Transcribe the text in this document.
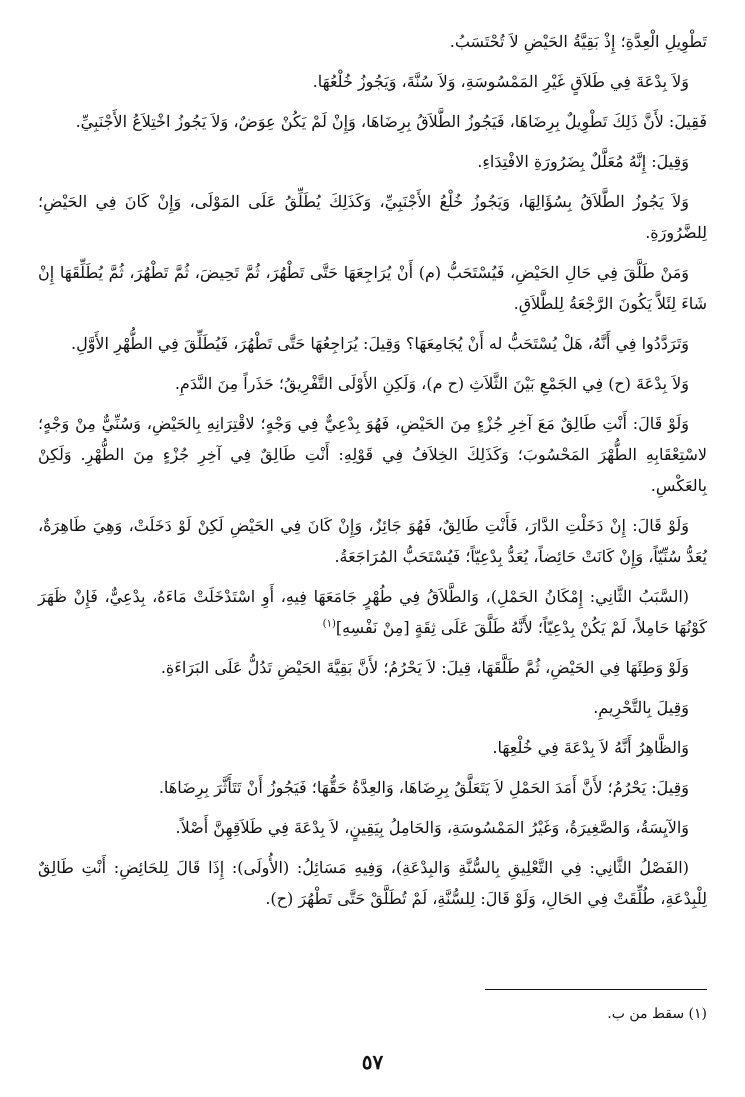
تَطْوِيلِ الْعِدَّةِ؛ إِذْ بَقِيَّةُ الحَيْضِ لاَ تُحْتَسَبُ.

وَلاَ بِدْعَةَ فِي طَلاَقٍ غَيْرِ المَمْسُوسَةِ، وَلاَ سُنَّةَ، وَيَجُوزُ خُلْعُهَا.

فَقِيلَ: لأَنَّ ذَلِكَ تَطْوِيلٌ بِرِضَاهَا، فَيَجُوزُ الطَّلاَقُ بِرِضَاهَا، وَإِنْ لَمْ يَكُنْ عِوَضٌ، وَلاَ يَجُوزُ اخْتِلاَعُ الأَجْنَبِيِّ.

وَقِيلَ: إِنَّهُ مُعَلَّلٌ بِضَرُورَةِ الافْتِدَاءِ.

وَلاَ يَجُوزُ الطَّلاَقُ بِسُؤَالِهَا، وَيَجُوزُ خُلْعُ الأَجْنَبِيِّ، وَكَذَلِكَ يُطَلِّقُ عَلَى المَوْلَى، وَإِنْ كَانَ فِي الحَيْضِ؛ لِلضَّرُورَةِ.

وَمَنْ طَلَّقَ فِي حَالِ الحَيْضِ، فَيُسْتَحَبُّ (م) أَنْ يُرَاجِعَهَا حَتَّى تَطْهُرَ، ثُمَّ تَحِيضَ، ثُمَّ تَطْهُرَ، ثُمَّ يُطَلِّقَهَا إِنْ شَاءَ لِئَلاَّ يَكُونَ الرَّجْعَةُ لِلطَّلاَقِ.

وَتَرَدَّدُوا فِي أَنَّهُ، هَلْ يُسْتَحَبُّ له أَنْ يُجَامِعَهَا؟ وَقِيلَ: يُرَاجِعُهَا حَتَّى تَطْهُرَ، فَيُطَلِّقَ فِي الطُّهْرِ الأَوَّلِ.

وَلاَ بِدْعَةَ (ح) فِي الجَمْعِ بَيْنَ الثَّلاَثِ (ح م)، وَلَكِنِ الأَوْلَى التَّفْرِيقُ؛ حَذَراً مِنَ النَّدَمِ.

وَلَوْ قَالَ: أَنْتِ طَالِقٌ مَعَ آخِرِ جُزْءٍ مِنَ الحَيْضِ، فَهُوَ بِدْعِيٌّ فِي وَجْهٍ؛ لاقْتِرَانِهِ بِالحَيْضِ، وَسُنِّيٌّ مِنْ وَجْهٍ؛ لاسْتِعْقَابِهِ الطُّهْرَ المَحْسُوبَ؛ وَكَذَلِكَ الخِلاَفُ فِي قَوْلِهِ: أَنْتِ طَالِقٌ فِي آخِرِ جُزْءٍ مِنَ الطُّهْرِ. وَلَكِنْ بِالعَكْسِ.

وَلَوْ قَالَ: إِنْ دَخَلْتِ الدَّارَ، فَأَنْتِ طَالِقٌ، فَهُوَ جَائِزٌ، وَإِنْ كَانَ فِي الحَيْضِ لَكِنْ لَوْ دَخَلَتْ، وَهِيَ طَاهِرَةٌ، يُعَدُّ سُنِّيّاً، وَإِنْ كَانَتْ حَائِضاً، يُعَدُّ بِدْعِيّاً؛ فَيُسْتَحَبُّ المُرَاجَعَةُ.

(السَّبَبُ الثَّانِي: إِمْكَانُ الحَمْلِ)، وَالطَّلاَقُ فِي طُهْرٍ جَامَعَهَا فِيهِ، أَوِ اسْتَدْخَلَتْ مَاءَهُ، بِدْعِيٌّ، فَإِنْ ظَهَرَ كَوْنُهَا حَامِلاً، لَمْ يَكُنْ بِدْعِيّاً؛ لأَنَّهُ طَلَّقَ عَلَى ثِقَةٍ [مِنْ نَفْسِهِ]$^{(١)}$

وَلَوْ وَطِئَهَا فِي الحَيْضِ، ثُمَّ طَلَّقَهَا، قِيلَ: لاَ يَحْرُمُ؛ لأَنَّ بَقِيَّةَ الحَيْضِ تَدُلُّ عَلَى البَرَاءَةِ.

وَقِيلَ بِالتَّحْرِيمِ.

وَالظَّاهِرُ أَنَّهُ لاَ بِدْعَةَ فِي خُلْعِهَا.

وَقِيلَ: يَحْرُمُ؛ لأَنَّ أَمَدَ الحَمْلِ لاَ يَتَعَلَّقُ بِرِضَاهَا، وَالعِدَّةُ حَقُّهَا؛ فَيَجُوزُ أَنْ تَتَأَثَّرَ بِرِضَاهَا.

وَالآيِسَةُ، وَالصَّغِيرَةُ، وَغَيْرُ المَمْسُوسَةِ، وَالحَامِلُ بِيَقِينٍ، لاَ بِدْعَةَ فِي طَلاَقِهِنَّ أَصْلاً.

(الفَصْلُ الثَّانِي: فِي التَّعْلِيقِ بِالسُّنَّةِ وَالبِدْعَةِ)، وَفِيهِ مَسَائِلُ: (الأُولَى): إِذَا قَالَ لِلحَائِضِ: أَنْتِ طَالِقٌ لِلْبِدْعَةِ، طُلِّقَتْ فِي الحَالِ، وَلَوْ قَالَ: لِلسُّنَّةِ، لَمْ تُطَلَّقْ حَتَّى تَطْهُرَ (ح).

(١) سقط من ب.
٥٧
